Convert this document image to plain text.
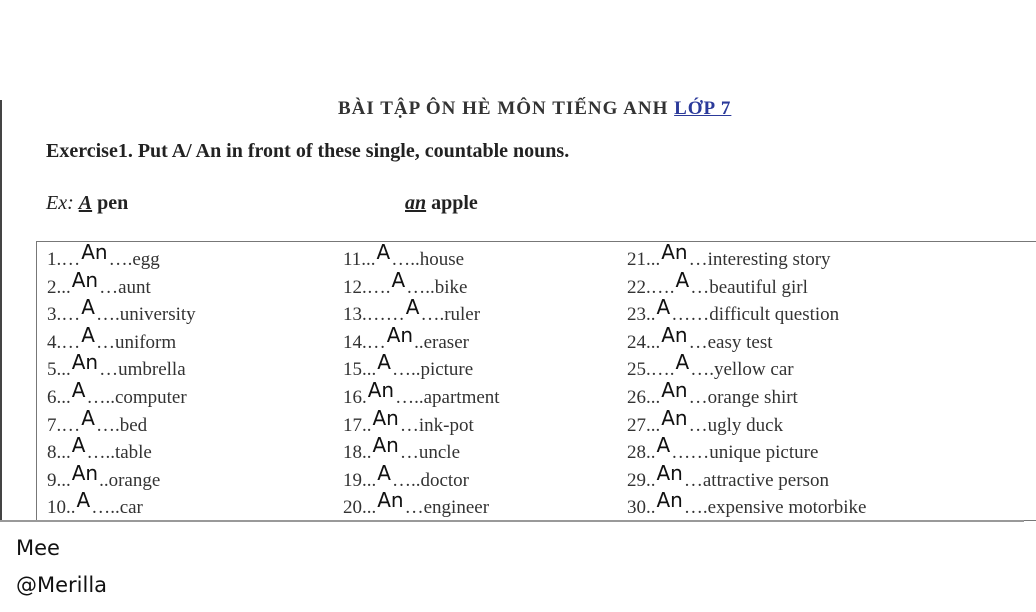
BÀI TẬP ÔN HÈ MÔN TIẾNG ANH LỚP 7
Exercise1. Put A/ An in front of these single, countable nouns.
Ex: A pen	an apple
1.…An….egg
2...An…aunt
3.…A….university
4.…A…uniform
5...An…umbrella
6...A…..computer
7.…A….bed
8...A…..table
9...An..orange
10..A…..car
11...A…..house
12.….A…..bike
13.……A….ruler
14.…An..eraser
15...A…..picture
16.An…..apartment
17..An…ink-pot
18..An…uncle
19...A…..doctor
20...An…engineer
21...An…interesting story
22.….A…beautiful girl
23..A……difficult question
24...An…easy test
25.….A….yellow car
26...An…orange shirt
27...An…ugly duck
28..A……unique picture
29..An…attractive person
30..An….expensive motorbike
Mee
@Merilla
